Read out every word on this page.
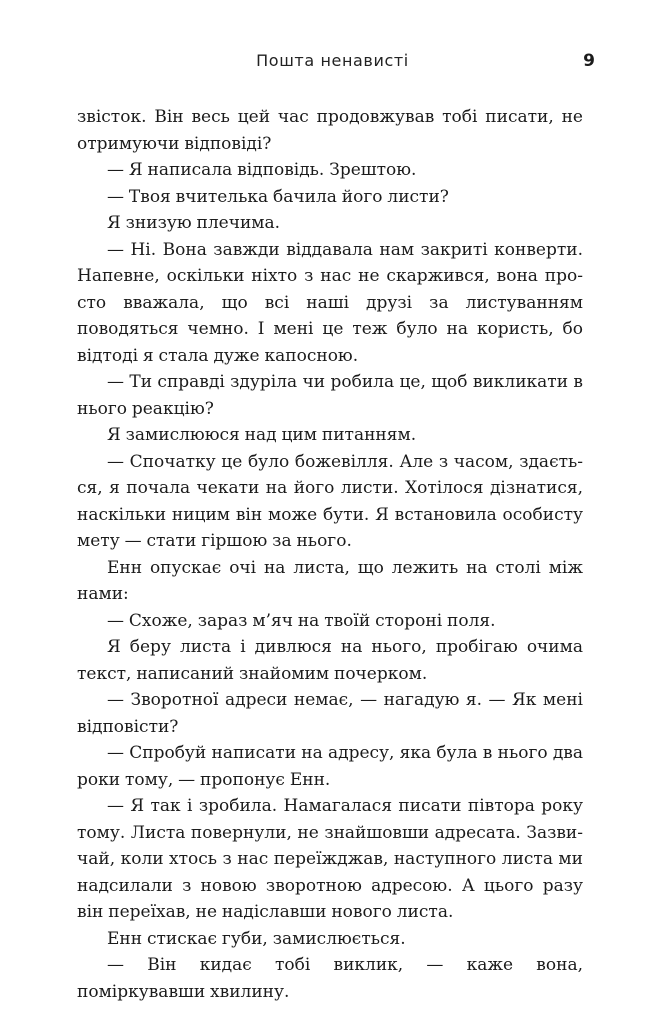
Пошта ненависті	9

звісток. Він весь цей час продовжував тобі писати, не отримуючи відповіді?

— Я написала відповідь. Зрештою.

— Твоя вчителька бачила його листи?

Я знизую плечима.

— Ні. Вона завжди віддавала нам закриті конверти. Напевне, оскільки ніхто з нас не скаржився, вона просто вважала, що всі наші друзі за листуванням поводяться чемно. І мені це теж було на користь, бо відтоді я стала дуже капосною.

— Ти справді здуріла чи робила це, щоб викликати в нього реакцію?

Я замислююся над цим питанням.

— Спочатку це було божевілля. Але з часом, здається, я почала чекати на його листи. Хотілося дізнатися, наскільки ницим він може бути. Я встановила особисту мету — стати гіршою за нього.

Енн опускає очі на листа, що лежить на столі між нами:

— Схоже, зараз м’яч на твоїй стороні поля.

Я беру листа і дивлюся на нього, пробігаю очима текст, написаний знайомим почерком.

— Зворотної адреси немає, — нагадую я. — Як мені відповісти?

— Спробуй написати на адресу, яка була в нього два роки тому, — пропонує Енн.

— Я так і зробила. Намагалася писати півтора року тому. Листа повернули, не знайшовши адресата. Зазвичай, коли хтось з нас переїжджав, наступного листа ми надсилали з новою зворотною адресою. А цього разу він переїхав, не надіславши нового листа.

Енн стискає губи, замислюється.

— Він кидає тобі виклик, — каже вона, поміркувавши хвилину.
